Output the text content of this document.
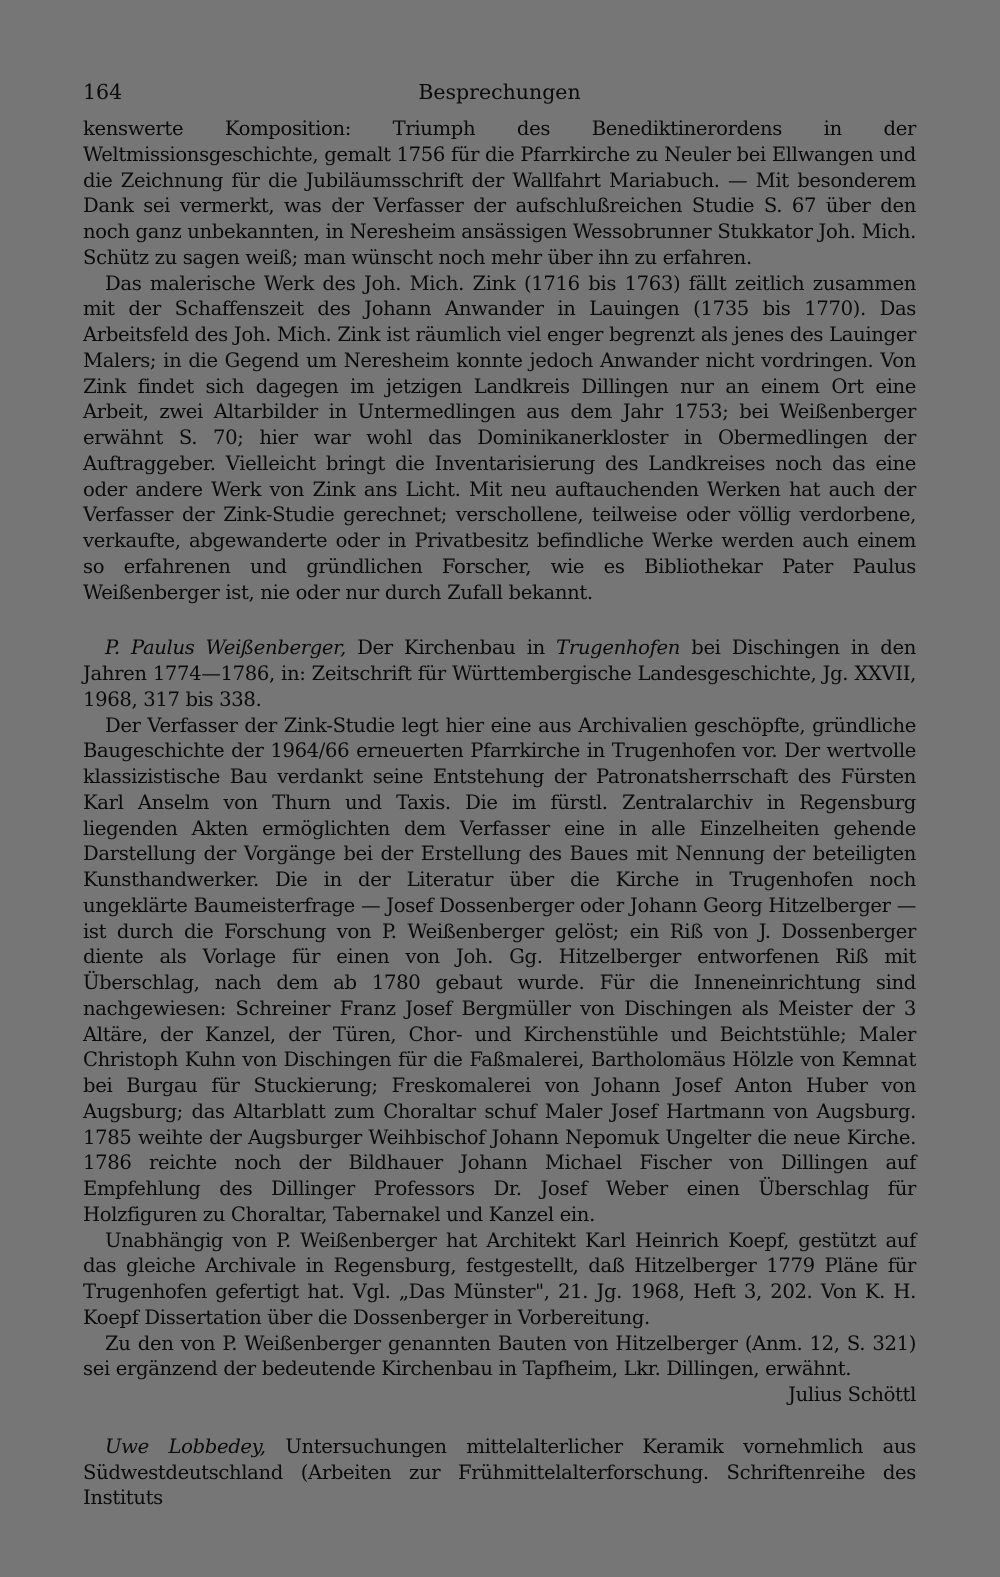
164	Besprechungen

kenswerte Komposition: Triumph des Benediktinerordens in der Weltmissionsgeschichte, gemalt 1756 für die Pfarrkirche zu Neuler bei Ellwangen und die Zeichnung für die Jubiläumsschrift der Wallfahrt Mariabuch. — Mit besonderem Dank sei vermerkt, was der Verfasser der aufschlußreichen Studie S. 67 über den noch ganz unbekannten, in Neresheim ansässigen Wessobrunner Stukkator Joh. Mich. Schütz zu sagen weiß; man wünscht noch mehr über ihn zu erfahren.

Das malerische Werk des Joh. Mich. Zink (1716 bis 1763) fällt zeitlich zusammen mit der Schaffenszeit des Johann Anwander in Lauingen (1735 bis 1770). Das Arbeitsfeld des Joh. Mich. Zink ist räumlich viel enger begrenzt als jenes des Lauinger Malers; in die Gegend um Neresheim konnte jedoch Anwander nicht vordringen. Von Zink findet sich dagegen im jetzigen Landkreis Dillingen nur an einem Ort eine Arbeit, zwei Altarbilder in Untermedlingen aus dem Jahr 1753; bei Weißenberger erwähnt S. 70; hier war wohl das Dominikanerkloster in Obermedlingen der Auftraggeber. Vielleicht bringt die Inventarisierung des Landkreises noch das eine oder andere Werk von Zink ans Licht. Mit neu auftauchenden Werken hat auch der Verfasser der Zink-Studie gerechnet; verschollene, teilweise oder völlig verdorbene, verkaufte, abgewanderte oder in Privatbesitz befindliche Werke werden auch einem so erfahrenen und gründlichen Forscher, wie es Bibliothekar Pater Paulus Weißenberger ist, nie oder nur durch Zufall bekannt.

P. Paulus Weißenberger, Der Kirchenbau in Trugenhofen bei Dischingen in den Jahren 1774—1786, in: Zeitschrift für Württembergische Landesgeschichte, Jg. XXVII, 1968, 317 bis 338.

Der Verfasser der Zink-Studie legt hier eine aus Archivalien geschöpfte, gründliche Baugeschichte der 1964/66 erneuerten Pfarrkirche in Trugenhofen vor. Der wertvolle klassizistische Bau verdankt seine Entstehung der Patronatsherrschaft des Fürsten Karl Anselm von Thurn und Taxis. Die im fürstl. Zentralarchiv in Regensburg liegenden Akten ermöglichten dem Verfasser eine in alle Einzelheiten gehende Darstellung der Vorgänge bei der Erstellung des Baues mit Nennung der beteiligten Kunsthandwerker. Die in der Literatur über die Kirche in Trugenhofen noch ungeklärte Baumeisterfrage — Josef Dossenberger oder Johann Georg Hitzelberger — ist durch die Forschung von P. Weißenberger gelöst; ein Riß von J. Dossenberger diente als Vorlage für einen von Joh. Gg. Hitzelberger entworfenen Riß mit Überschlag, nach dem ab 1780 gebaut wurde. Für die Inneneinrichtung sind nachgewiesen: Schreiner Franz Josef Bergmüller von Dischingen als Meister der 3 Altäre, der Kanzel, der Türen, Chor- und Kirchenstühle und Beichtstühle; Maler Christoph Kuhn von Dischingen für die Faßmalerei, Bartholomäus Hölzle von Kemnat bei Burgau für Stuckierung; Freskomalerei von Johann Josef Anton Huber von Augsburg; das Altarblatt zum Choraltar schuf Maler Josef Hartmann von Augsburg. 1785 weihte der Augsburger Weihbischof Johann Nepomuk Ungelter die neue Kirche. 1786 reichte noch der Bildhauer Johann Michael Fischer von Dillingen auf Empfehlung des Dillinger Professors Dr. Josef Weber einen Überschlag für Holzfiguren zu Choraltar, Tabernakel und Kanzel ein.

Unabhängig von P. Weißenberger hat Architekt Karl Heinrich Koepf, gestützt auf das gleiche Archivale in Regensburg, festgestellt, daß Hitzelberger 1779 Pläne für Trugenhofen gefertigt hat. Vgl. „Das Münster", 21. Jg. 1968, Heft 3, 202. Von K. H. Koepf Dissertation über die Dossenberger in Vorbereitung.

Zu den von P. Weißenberger genannten Bauten von Hitzelberger (Anm. 12, S. 321) sei ergänzend der bedeutende Kirchenbau in Tapfheim, Lkr. Dillingen, erwähnt.

Julius Schöttl

Uwe Lobbedey, Untersuchungen mittelalterlicher Keramik vornehmlich aus Südwestdeutschland (Arbeiten zur Frühmittelalterforschung. Schriftenreihe des Instituts
